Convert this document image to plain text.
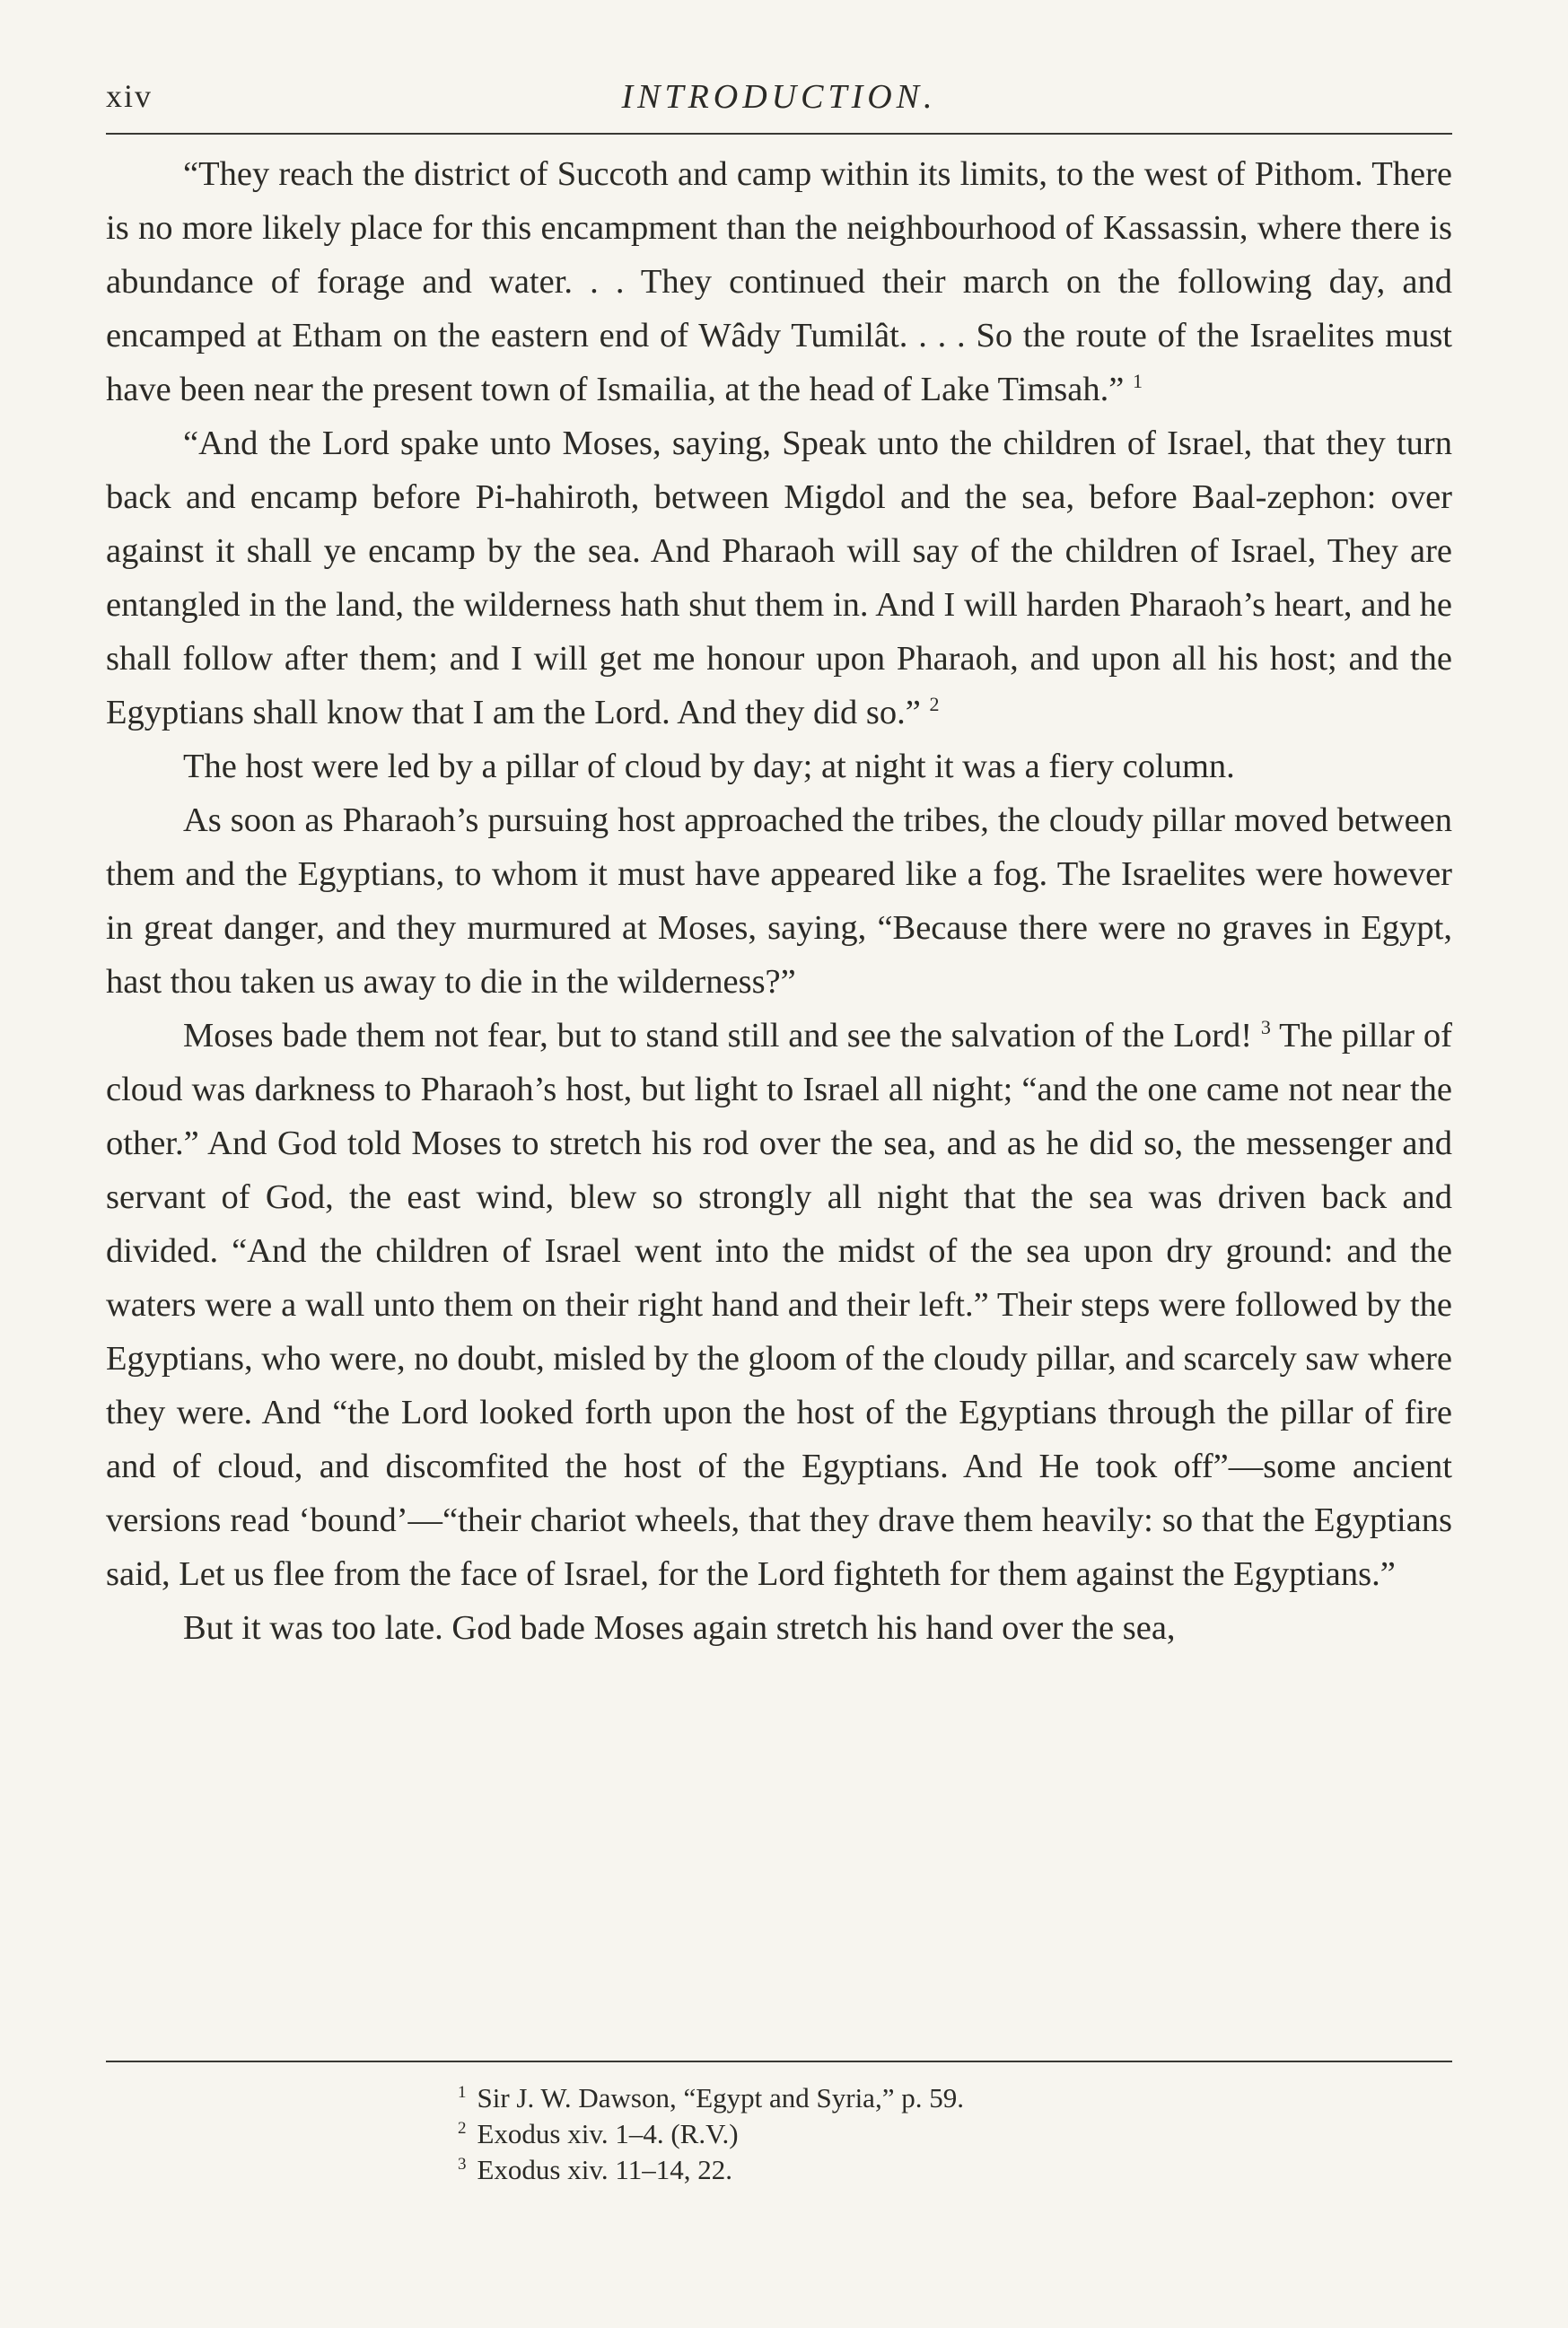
xiv	INTRODUCTION.

“They reach the district of Succoth and camp within its limits, to the west of Pithom. There is no more likely place for this encampment than the neighbourhood of Kassassin, where there is abundance of forage and water. . . They continued their march on the following day, and encamped at Etham on the eastern end of Wâdy Tumilât. . . . So the route of the Israelites must have been near the present town of Ismailia, at the head of Lake Timsah.” $^1$

“And the Lord spake unto Moses, saying, Speak unto the children of Israel, that they turn back and encamp before Pi-hahiroth, between Migdol and the sea, before Baal-zephon: over against it shall ye encamp by the sea. And Pharaoh will say of the children of Israel, They are entangled in the land, the wilderness hath shut them in. And I will harden Pharaoh’s heart, and he shall follow after them; and I will get me honour upon Pharaoh, and upon all his host; and the Egyptians shall know that I am the Lord. And they did so.” $^2$

The host were led by a pillar of cloud by day; at night it was a fiery column.

As soon as Pharaoh’s pursuing host approached the tribes, the cloudy pillar moved between them and the Egyptians, to whom it must have appeared like a fog. The Israelites were however in great danger, and they murmured at Moses, saying, “Because there were no graves in Egypt, hast thou taken us away to die in the wilderness?”

Moses bade them not fear, but to stand still and see the salvation of the Lord! $^3$ The pillar of cloud was darkness to Pharaoh’s host, but light to Israel all night; “and the one came not near the other.” And God told Moses to stretch his rod over the sea, and as he did so, the messenger and servant of God, the east wind, blew so strongly all night that the sea was driven back and divided. “And the children of Israel went into the midst of the sea upon dry ground: and the waters were a wall unto them on their right hand and their left.” Their steps were followed by the Egyptians, who were, no doubt, misled by the gloom of the cloudy pillar, and scarcely saw where they were. And “the Lord looked forth upon the host of the Egyptians through the pillar of fire and of cloud, and discomfited the host of the Egyptians. And He took off”—some ancient versions read ‘bound’—“their chariot wheels, that they drave them heavily: so that the Egyptians said, Let us flee from the face of Israel, for the Lord fighteth for them against the Egyptians.”

But it was too late. God bade Moses again stretch his hand over the sea,

$^1$ Sir J. W. Dawson, “Egypt and Syria,” p. 59.

$^2$ Exodus xiv. 1–4. (R.V.)

$^3$ Exodus xiv. 11–14, 22.
